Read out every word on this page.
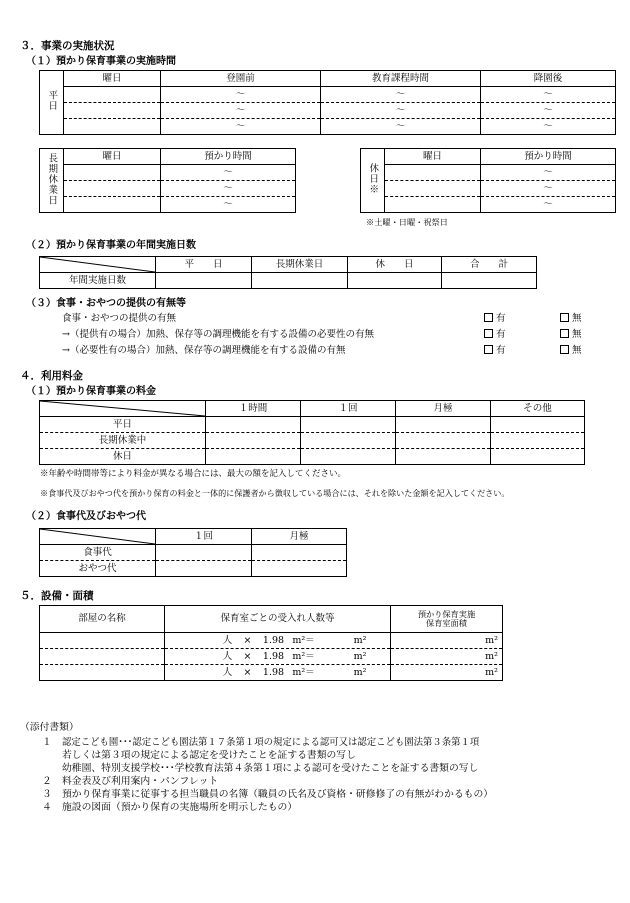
３．事業の実施状況
（１）預かり保育事業の実施時間
平日	曜日	登園前	教育課程時間	降園後
		～	～	～
		～	～	～
		～	～	～
長期休業日	曜日	預かり時間
		～
		～
		～
休日※	曜日	預かり時間
		～
		～
		～
※土曜・日曜・祝祭日
（２）預かり保育事業の年間実施日数
	平　　日	長期休業日	休　　日	合　　計
年間実施日数				
（３）食事・おやつの提供の有無等
食事・おやつの提供の有無	有	無
→（提供有の場合）加熱、保存等の調理機能を有する設備の必要性の有無	有	無
→（必要性有の場合）加熱、保存等の調理機能を有する設備の有無	有	無
４．利用料金
（１）預かり保育事業の料金
	１時間	１回	月極	その他
平日				
長期休業中				
休日				
※年齢や時間帯等により料金が異なる場合には、最大の額を記入してください。
※食事代及びおやつ代を預かり保育の料金と一体的に保護者から徴収している場合には、それを除いた金額を記入してください。
（２）食事代及びおやつ代
	１回	月極
食事代		
おやつ代		
５．設備・面積
部屋の名称	保育室ごとの受入れ人数等	預かり保育実施
保育室面積

	人 × 1.98 m²＝ m²	m²
	人 × 1.98 m²＝ m²	m²
	人 × 1.98 m²＝ m²	m²
（添付書類）
１ 認定こども園･･･認定こども園法第１７条第１項の規定による認可又は認定こども園法第３条第１項
若しくは第３項の規定による認定を受けたことを証する書類の写し
幼稚園、特別支援学校･･･学校教育法第４条第１項による認可を受けたことを証する書類の写し
２ 料金表及び利用案内・パンフレット
３ 預かり保育事業に従事する担当職員の名簿（職員の氏名及び資格・研修修了の有無がわかるもの）
４ 施設の図面（預かり保育の実施場所を明示したもの）
